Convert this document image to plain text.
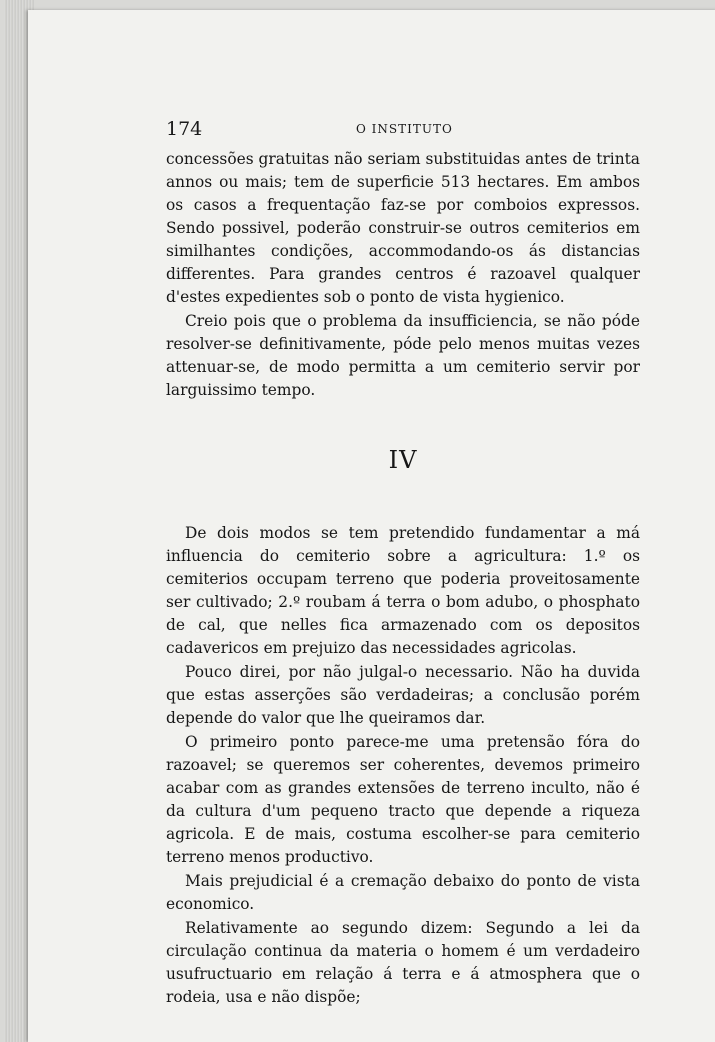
174	O INSTITUTO

concessões gratuitas não seriam substituidas antes de trinta annos ou mais; tem de superficie 513 hectares. Em ambos os casos a frequentação faz-se por comboios expressos. Sendo possivel, poderão construir-se outros cemiterios em similhantes condições, accommodando-os ás distancias differentes. Para grandes centros é razoavel qualquer d'estes expedientes sob o ponto de vista hygienico.

Creio pois que o problema da insufficiencia, se não póde resolver-se definitivamente, póde pelo menos muitas vezes attenuar-se, de modo permitta a um cemiterio servir por larguissimo tempo.

IV

De dois modos se tem pretendido fundamentar a má influencia do cemiterio sobre a agricultura: 1.º os cemiterios occupam terreno que poderia proveitosamente ser cultivado; 2.º roubam á terra o bom adubo, o phosphato de cal, que nelles fica armazenado com os depositos cadavericos em prejuizo das necessidades agricolas.

Pouco direi, por não julgal-o necessario. Não ha duvida que estas asserções são verdadeiras; a conclusão porém depende do valor que lhe queiramos dar.

O primeiro ponto parece-me uma pretensão fóra do razoavel; se queremos ser coherentes, devemos primeiro acabar com as grandes extensões de terreno inculto, não é da cultura d'um pequeno tracto que depende a riqueza agricola. E de mais, costuma escolher-se para cemiterio terreno menos productivo.

Mais prejudicial é a cremação debaixo do ponto de vista economico.

Relativamente ao segundo dizem: Segundo a lei da circulação continua da materia o homem é um verdadeiro usufructuario em relação á terra e á atmosphera que o rodeia, usa e não dispõe;
